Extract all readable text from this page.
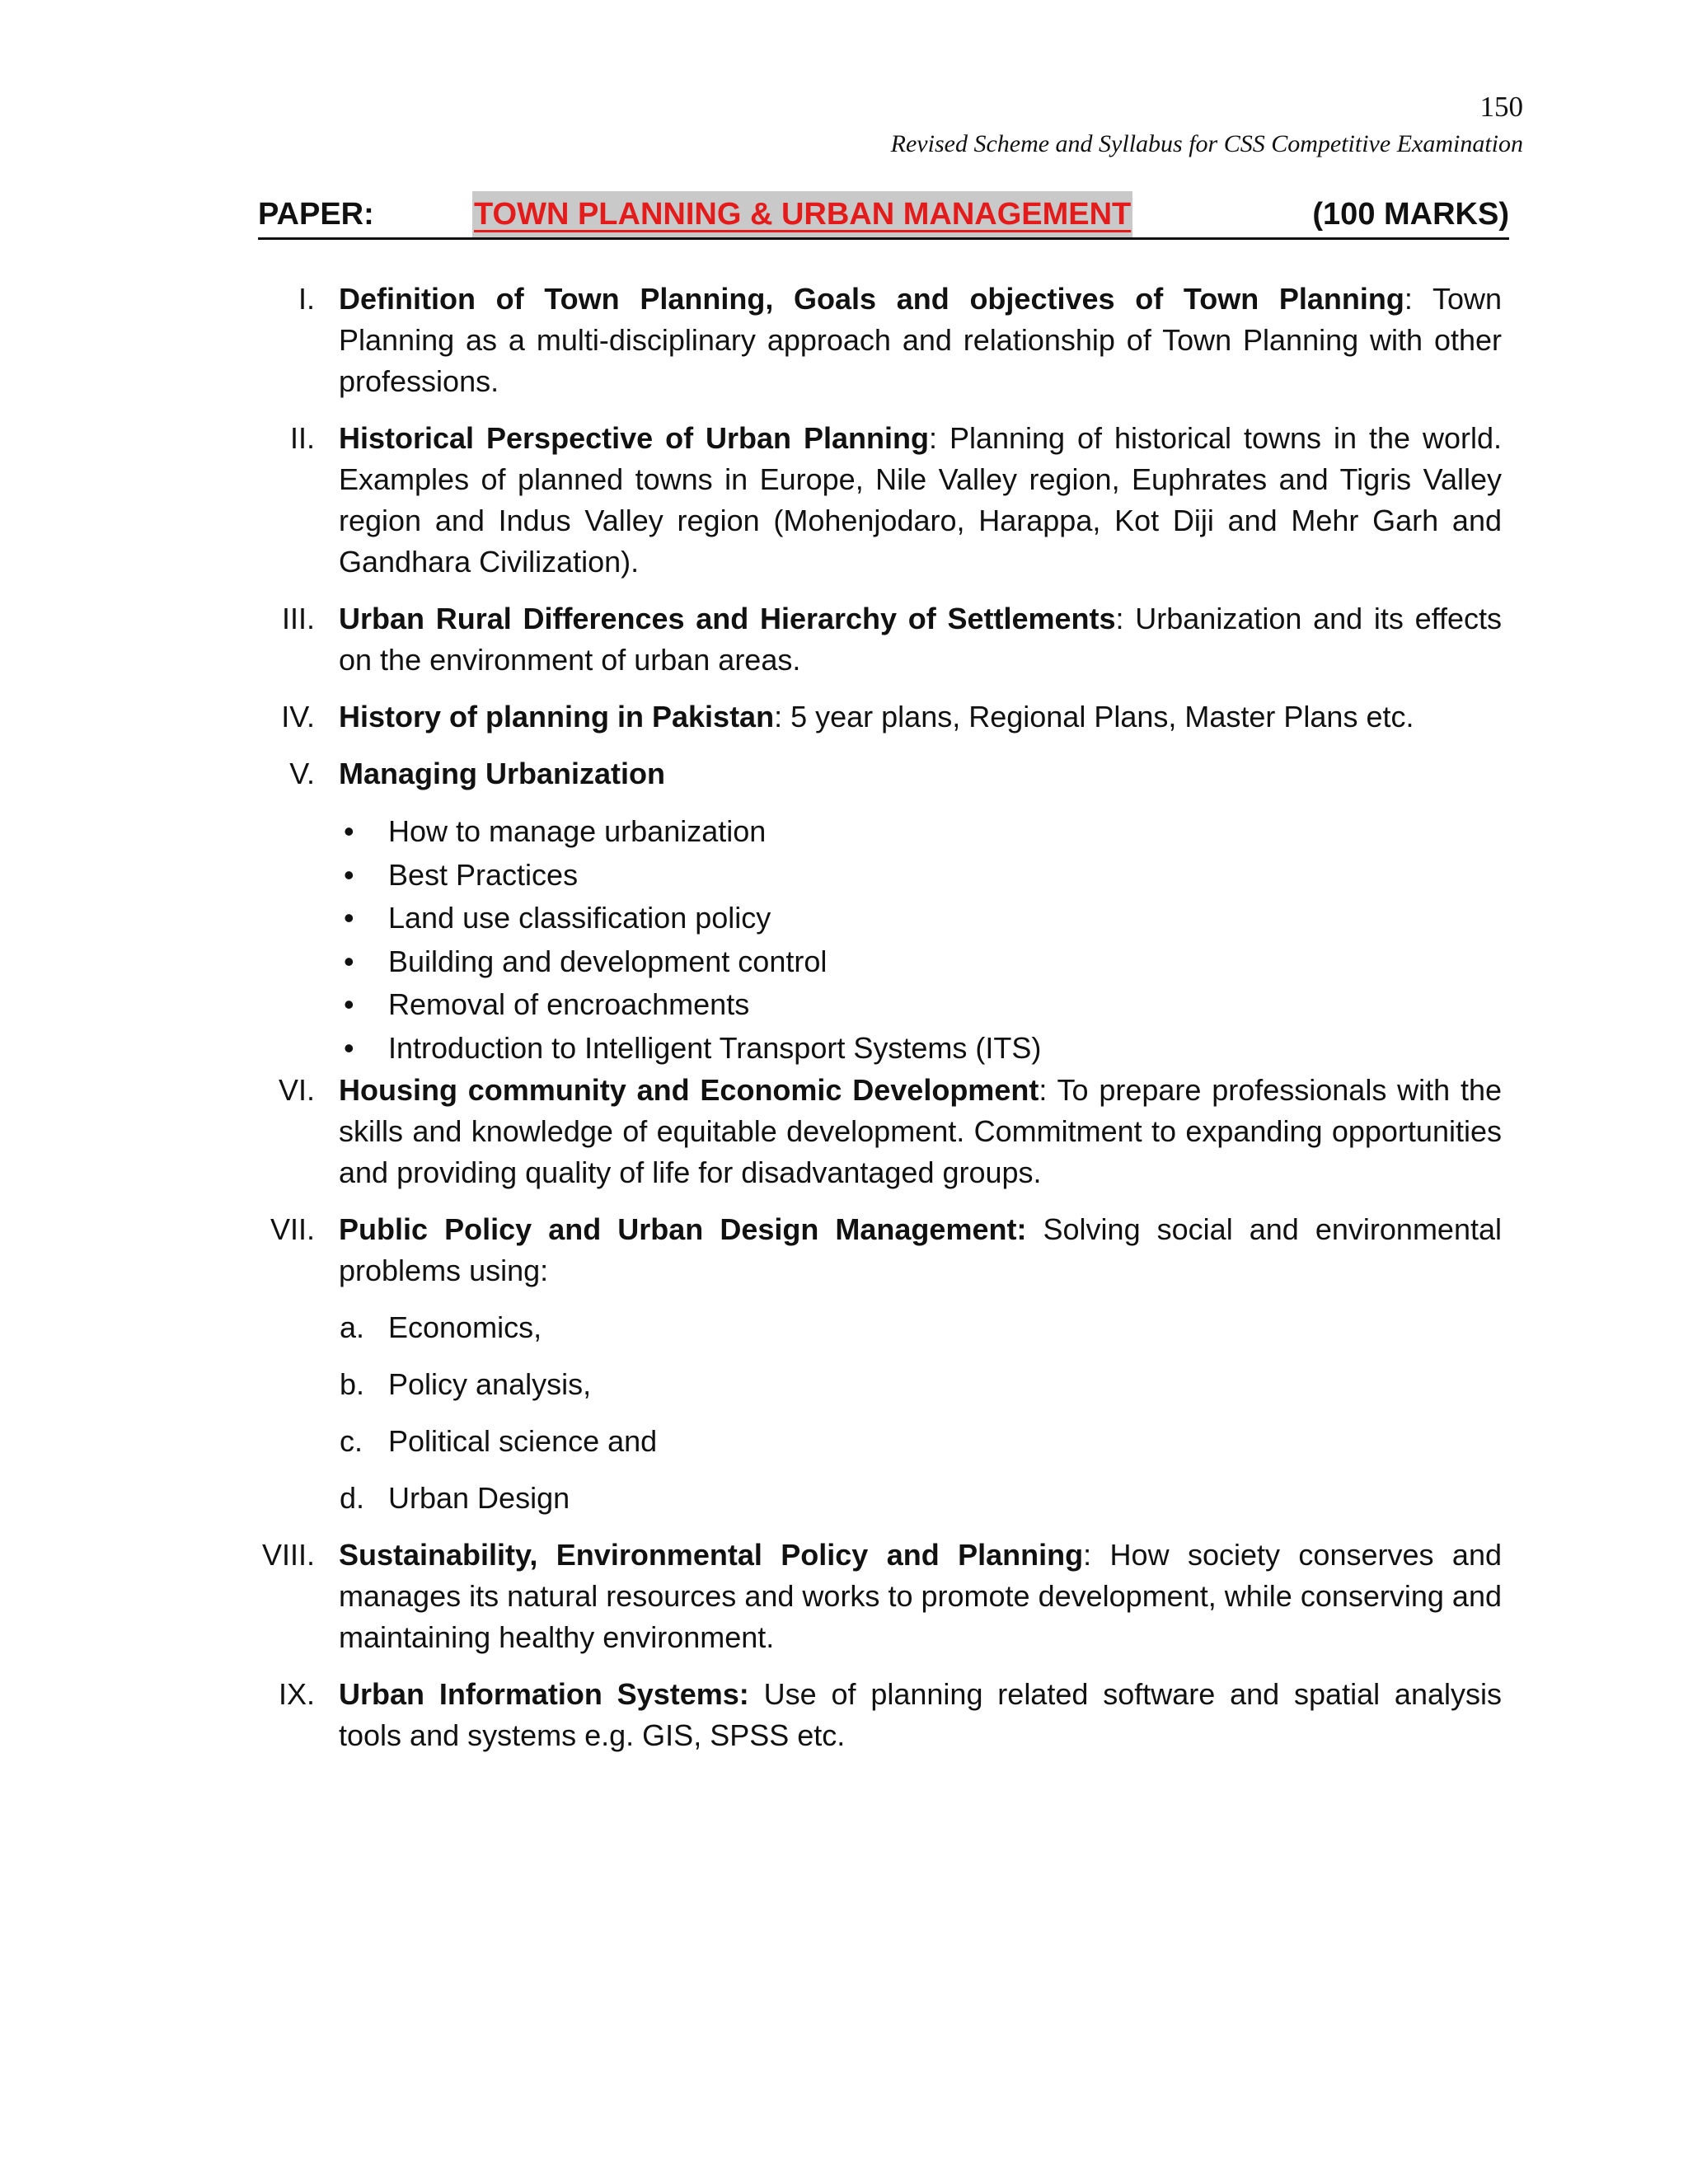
150
Revised Scheme and Syllabus for CSS Competitive Examination
PAPER:	TOWN PLANNING & URBAN MANAGEMENT	(100 MARKS)
I. Definition of Town Planning, Goals and objectives of Town Planning: Town Planning as a multi-disciplinary approach and relationship of Town Planning with other professions.
II. Historical Perspective of Urban Planning: Planning of historical towns in the world. Examples of planned towns in Europe, Nile Valley region, Euphrates and Tigris Valley region and Indus Valley region (Mohenjodaro, Harappa, Kot Diji and Mehr Garh and Gandhara Civilization).
III. Urban Rural Differences and Hierarchy of Settlements: Urbanization and its effects on the environment of urban areas.
IV. History of planning in Pakistan: 5 year plans, Regional Plans, Master Plans etc.
V. Managing Urbanization
• How to manage urbanization
• Best Practices
• Land use classification policy
• Building and development control
• Removal of encroachments
• Introduction to Intelligent Transport Systems (ITS)
VI. Housing community and Economic Development: To prepare professionals with the skills and knowledge of equitable development. Commitment to expanding opportunities and providing quality of life for disadvantaged groups.
VII. Public Policy and Urban Design Management: Solving social and environmental problems using:
a. Economics,
b. Policy analysis,
c. Political science and
d. Urban Design
VIII. Sustainability, Environmental Policy and Planning: How society conserves and manages its natural resources and works to promote development, while conserving and maintaining healthy environment.
IX. Urban Information Systems: Use of planning related software and spatial analysis tools and systems e.g. GIS, SPSS etc.
